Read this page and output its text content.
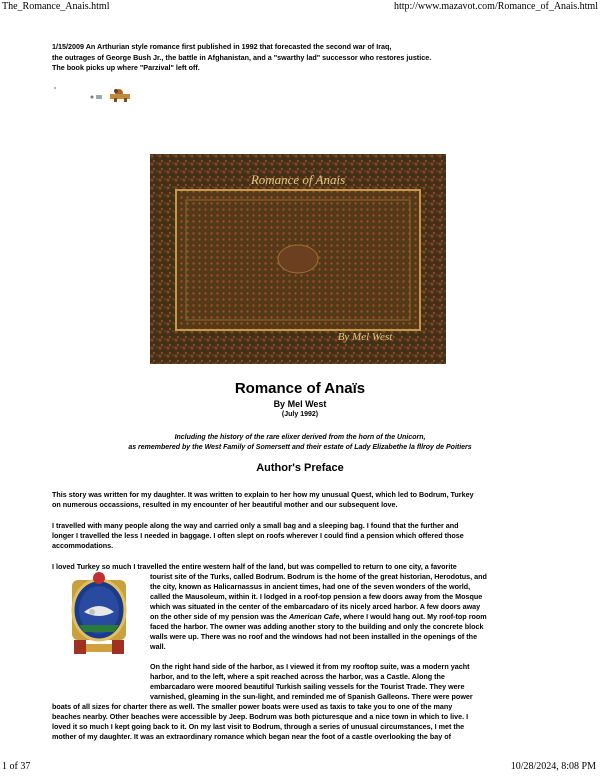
The_Romance_Anais.html	http://www.mazavot.com/Romance_of_Anais.html
1/15/2009 An Arthurian style romance first published in 1992 that forecasted the second war of Iraq,
the outrages of George Bush Jr., the battle in Afghanistan, and a "swarthy lad" successor who restores justice.
The book picks up where "Parzival" left off.
Romance of Anais
By Mel West
Romance of Anaïs
By Mel West
(July 1992)
Including the history of the rare elixer derived from the horn of the Unicorn,
as remembered by the West Family of Somersett and their estate of Lady Elizabethe la fllroy de Poitiers
Author's Preface
This story was written for my daughter. It was written to explain to her how my unusual Quest, which led to Bodrum, Turkey
on numerous occassions, resulted in my encounter of her beautiful mother and our subsequent love.
I travelled with many people along the way and carried only a small bag and a sleeping bag. I found that the further and
longer I travelled the less I needed in baggage. I often slept on roofs wherever I could find a pension which offered those
accommodations.
I loved Turkey so much I travelled the entire western half of the land, but was compelled to return to one city, a favorite
tourist site of the Turks, called Bodrum. Bodrum is the home of the great historian, Herodotus, and
the city, known as Halicarnassus in ancient times, had one of the seven wonders of the world,
called the Mausoleum, within it. I lodged in a roof-top pension a few doors away from the Mosque
which was situated in the center of the embarcadaro of its nicely arced harbor. A few doors away
on the other side of my pension was the American Cafe, where I would hang out. My roof-top room
faced the harbor. The owner was adding another story to the building and only the concrete block
walls were up. There was no roof and the windows had not been installed in the openings of the
wall.
On the right hand side of the harbor, as I viewed it from my rooftop suite, was a modern yacht
harbor, and to the left, where a spit reached across the harbor, was a Castle. Along the
embarcadaro were moored beautiful Turkish sailing vessels for the Tourist Trade. They were
varnished, gleaming in the sun-light, and reminded me of Spanish Galleons. There were power
boats of all sizes for charter there as well. The smaller power boats were used as taxis to take you to one of the many
beaches nearby. Other beaches were accessible by Jeep. Bodrum was both picturesque and a nice town in which to live. I
loved it so much I kept going back to it. On my last visit to Bodrum, through a series of unusual circumstances, I met the
mother of my daughter. It was an extraordinary romance which began near the foot of a castle overlooking the bay of
1 of 37	10/28/2024, 8:08 PM
